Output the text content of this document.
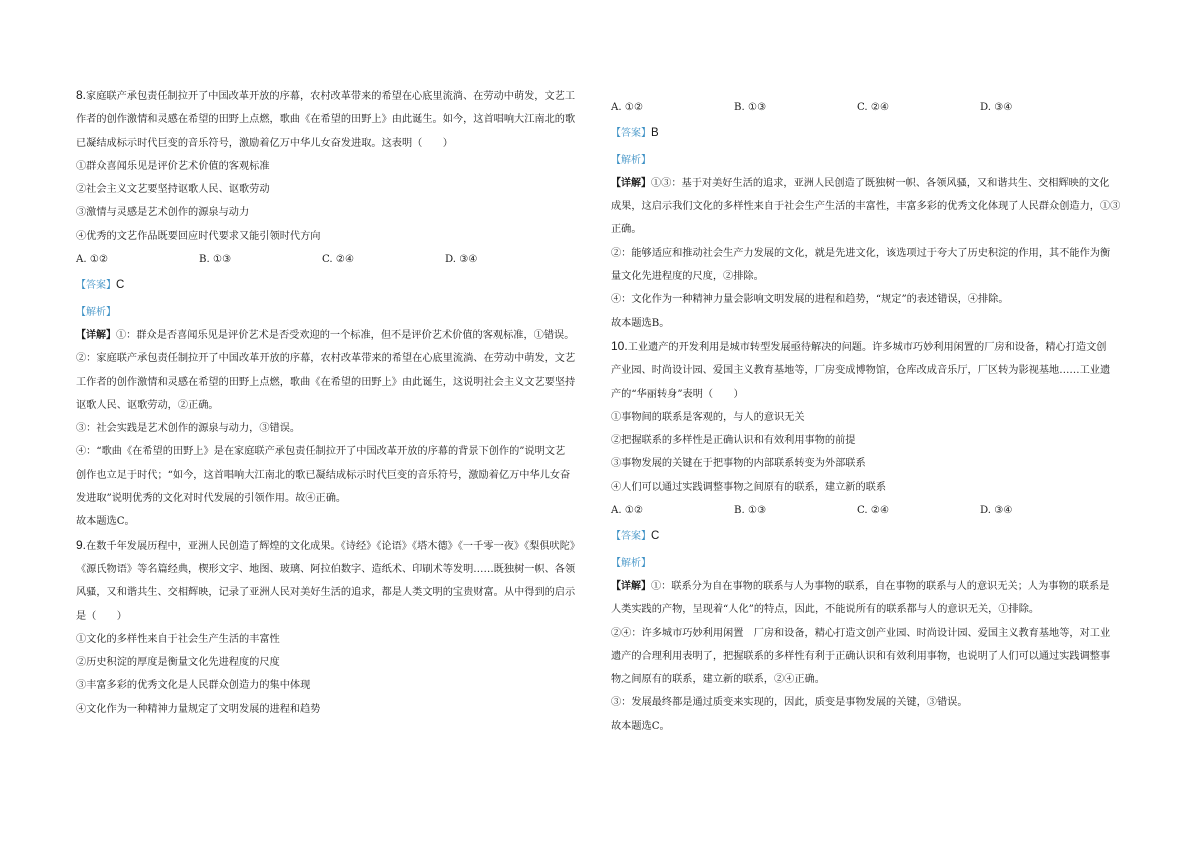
8.家庭联产承包责任制拉开了中国改革开放的序幕，农村改革带来的希望在心底里流淌、在劳动中萌发，文艺工
作者的创作激情和灵感在希望的田野上点燃，歌曲《在希望的田野上》由此诞生。如今，这首唱响大江南北的歌
已凝结成标示时代巨变的音乐符号，激励着亿万中华儿女奋发进取。这表明（　　）
①群众喜闻乐见是评价艺术价值的客观标准
②社会主义文艺要坚持讴歌人民、讴歌劳动
③激情与灵感是艺术创作的源泉与动力
④优秀的文艺作品既要回应时代要求又能引领时代方向
A. ①②	B. ①③	C. ②④	D. ③④
【答案】C
【解析】
【详解】①：群众是否喜闻乐见是评价艺术是否受欢迎的一个标准，但不是评价艺术价值的客观标准，①错误。
②：家庭联产承包责任制拉开了中国改革开放的序幕，农村改革带来的希望在心底里流淌、在劳动中萌发，文艺
工作者的创作激情和灵感在希望的田野上点燃，歌曲《在希望的田野上》由此诞生，这说明社会主义文艺要坚持
讴歌人民、讴歌劳动，②正确。
③：社会实践是艺术创作的源泉与动力，③错误。
④：“歌曲《在希望的田野上》是在家庭联产承包责任制拉开了中国改革开放的序幕的背景下创作的”说明文艺
创作也立足于时代；“如今，这首唱响大江南北的歌已凝结成标示时代巨变的音乐符号，激励着亿万中华儿女奋
发进取”说明优秀的文化对时代发展的引领作用。故④正确。
故本题选C。
9.在数千年发展历程中，亚洲人民创造了辉煌的文化成果。《诗经》《论语》《塔木德》《一千零一夜》《梨俱吠陀》
《源氏物语》等名篇经典，楔形文字、地图、玻璃、阿拉伯数字、造纸术、印刷术等发明……既独树一帜、各领
风骚，又和谐共生、交相辉映，记录了亚洲人民对美好生活的追求，都是人类文明的宝贵财富。从中得到的启示
是（　　）
①文化的多样性来自于社会生产生活的丰富性
②历史积淀的厚度是衡量文化先进程度的尺度
③丰富多彩的优秀文化是人民群众创造力的集中体现
④文化作为一种精神力量规定了文明发展的进程和趋势
A. ①②	B. ①③	C. ②④	D. ③④
【答案】B
【解析】
【详解】①③：基于对美好生活的追求，亚洲人民创造了既独树一帜、各领风骚，又和谐共生、交相辉映的文化
成果，这启示我们文化的多样性来自于社会生产生活的丰富性，丰富多彩的优秀文化体现了人民群众创造力，①③
正确。
②：能够适应和推动社会生产力发展的文化，就是先进文化，该选项过于夸大了历史积淀的作用，其不能作为衡
量文化先进程度的尺度，②排除。
④：文化作为一种精神力量会影响文明发展的进程和趋势，“规定”的表述错误，④排除。
故本题选B。
10.工业遗产的开发利用是城市转型发展亟待解决的问题。许多城市巧妙利用闲置的厂房和设备，精心打造文创
产业园、时尚设计园、爱国主义教育基地等，厂房变成博物馆，仓库改成音乐厅，厂区转为影视基地……工业遗
产的“华丽转身”表明（　　）
①事物间的联系是客观的，与人的意识无关
②把握联系的多样性是正确认识和有效利用事物的前提
③事物发展的关键在于把事物的内部联系转变为外部联系
④人们可以通过实践调整事物之间原有的联系，建立新的联系
A. ①②	B. ①③	C. ②④	D. ③④
【答案】C
【解析】
【详解】①：联系分为自在事物的联系与人为事物的联系，自在事物的联系与人的意识无关；人为事物的联系是
人类实践的产物，呈现着“人化”的特点，因此，不能说所有的联系都与人的意识无关，①排除。
②④：许多城市巧妙利用闲置　厂房和设备，精心打造文创产业园、时尚设计园、爱国主义教育基地等，对工业
遗产的合理利用表明了，把握联系的多样性有利于正确认识和有效利用事物，也说明了人们可以通过实践调整事
物之间原有的联系，建立新的联系，②④正确。
③：发展最终都是通过质变来实现的，因此，质变是事物发展的关键，③错误。
故本题选C。
